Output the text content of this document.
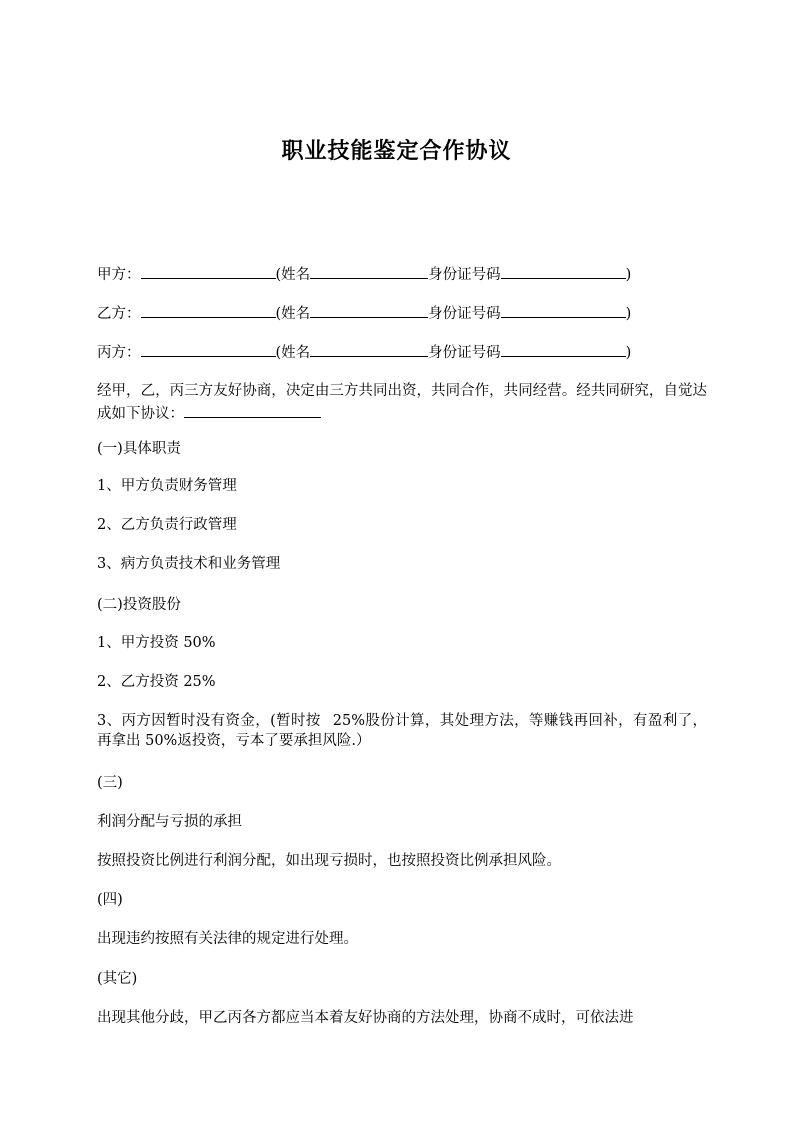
职业技能鉴定合作协议
甲方：	(姓名	身份证号码	)
乙方：	(姓名	身份证号码	)
丙方：	(姓名	身份证号码	)
经甲，乙，丙三方友好协商，决定由三方共同出资，共同合作，共同经营。经共同研究，自觉达成如下协议：
(一)具体职责
1、甲方负责财务管理
2、乙方负责行政管理
3、病方负责技术和业务管理
(二)投资股份
1、甲方投资 50%
2、乙方投资 25%
3、丙方因暂时没有资金，(暂时按 25%股份计算，其处理方法，等赚钱再回补，有盈利了，再拿出 50%返投资，亏本了要承担风险.）
(三)
利润分配与亏损的承担
按照投资比例进行利润分配，如出现亏损时，也按照投资比例承担风险。
(四)
出现违约按照有关法律的规定进行处理。
(其它)
出现其他分歧，甲乙丙各方都应当本着友好协商的方法处理，协商不成时，可依法进
